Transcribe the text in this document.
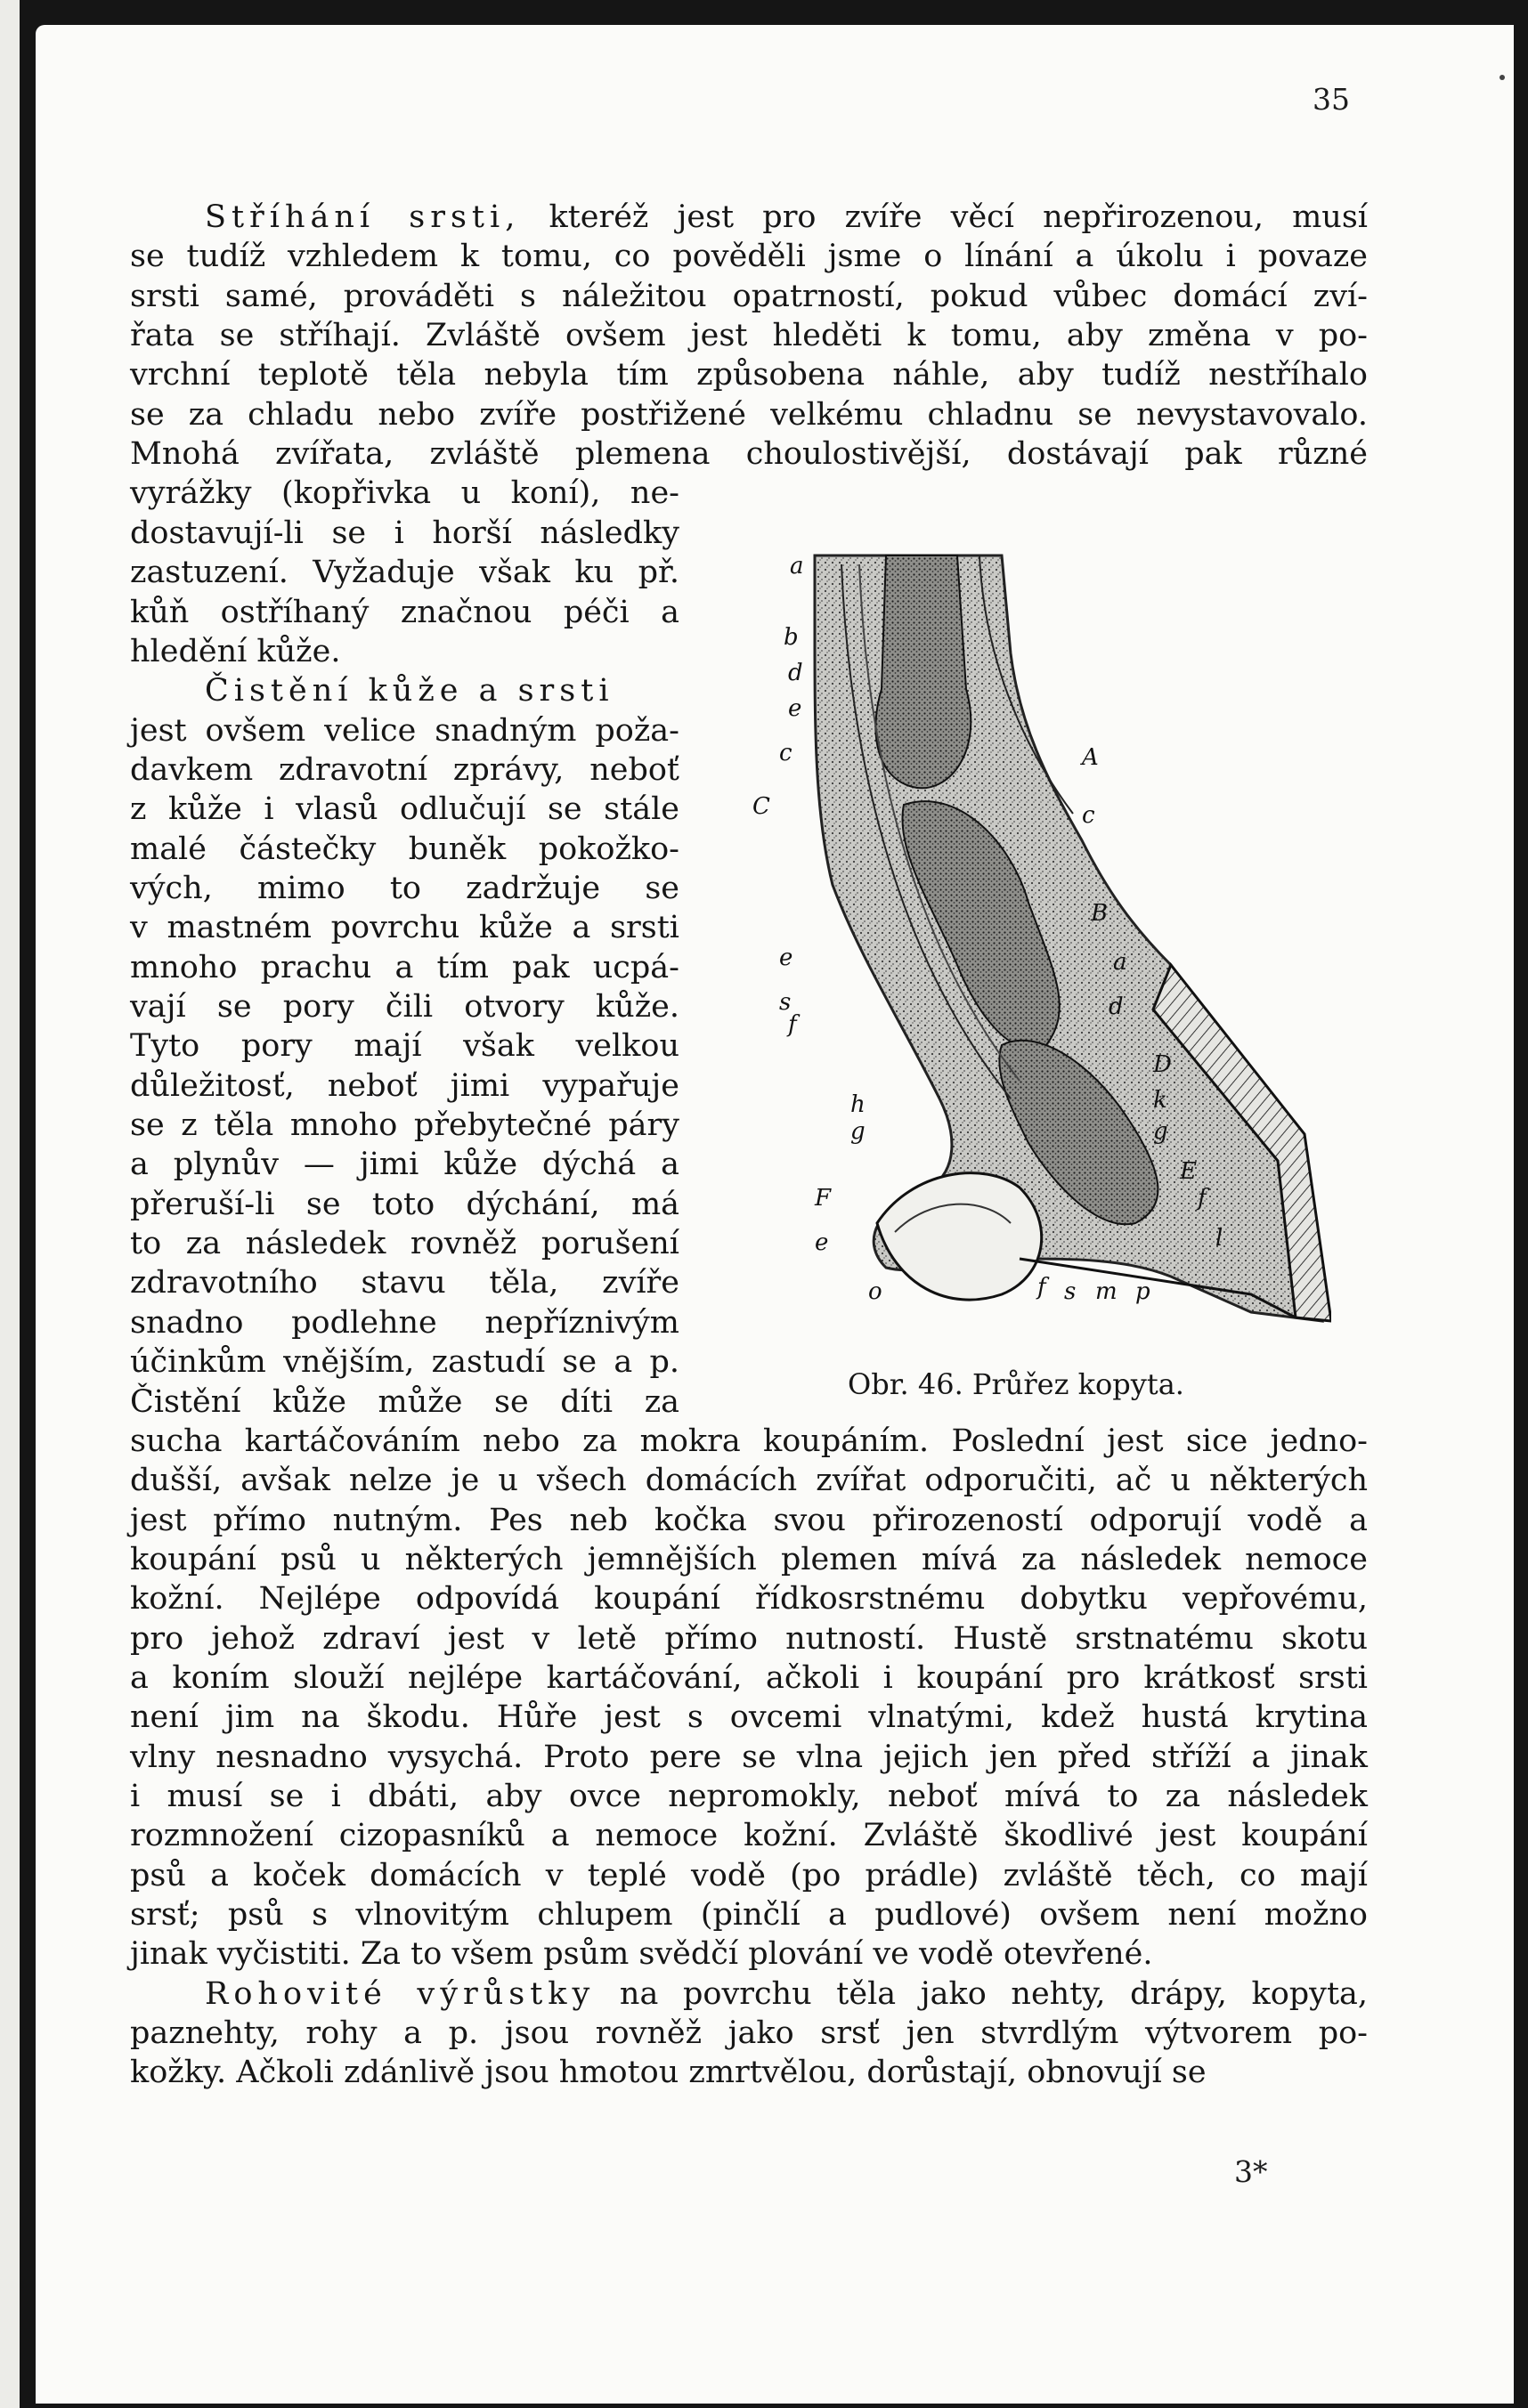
35
Stříhání srsti, kteréž jest pro zvíře věcí nepřirozenou, musí
se tudíž vzhledem k tomu, co pověděli jsme o línání a úkolu i povaze
srsti samé, prováděti s náležitou opatrností, pokud vůbec domácí zví-
řata se stříhají. Zvláště ovšem jest hleděti k tomu, aby změna v po-
vrchní teplotě těla nebyla tím způsobena náhle, aby tudíž nestříhalo
se za chladu nebo zvíře postřižené velkému chladnu se nevystavovalo.
Mnohá zvířata, zvláště plemena choulostivější, dostávají pak různé
vyrážky (kopřivka u koní), ne-
dostavují-li se i horší následky
zastuzení. Vyžaduje však ku př.
kůň ostříhaný značnou péči a
hledění kůže.
Čistění kůže a srsti
jest ovšem velice snadným poža-
davkem zdravotní zprávy, neboť
z kůže i vlasů odlučují se stále
malé částečky buněk pokožko-
vých, mimo to zadržuje se
v mastném povrchu kůže a srsti
mnoho prachu a tím pak ucpá-
vají se pory čili otvory kůže.
Tyto pory mají však velkou
důležitosť, neboť jimi vypařuje
se z těla mnoho přebytečné páry
a plynův — jimi kůže dýchá a
přeruší-li se toto dýchání, má
to za následek rovněž porušení
zdravotního stavu těla, zvíře
snadno podlehne nepříznivým
účinkům vnějším, zastudí se a p.
Čistění kůže může se díti za
sucha kartáčováním nebo za mokra koupáním. Poslední jest sice jedno-
dušší, avšak nelze je u všech domácích zvířat odporučiti, ač u některých
jest přímo nutným. Pes neb kočka svou přirozeností odporují vodě a
koupání psů u některých jemnějších plemen mívá za následek nemoce
kožní. Nejlépe odpovídá koupání řídkosrstnému dobytku vepřovému,
pro jehož zdraví jest v letě přímo nutností. Hustě srstnatému skotu
a koním slouží nejlépe kartáčování, ačkoli i koupání pro krátkosť srsti
není jim na škodu. Hůře jest s ovcemi vlnatými, kdež hustá krytina
vlny nesnadno vysychá. Proto pere se vlna jejich jen před stříží a jinak
i musí se i dbáti, aby ovce nepromokly, neboť mívá to za následek
rozmnožení cizopasníků a nemoce kožní. Zvláště škodlivé jest koupání
psů a koček domácích v teplé vodě (po prádle) zvláště těch, co mají
srsť; psů s vlnovitým chlupem (pinčlí a pudlové) ovšem není možno
jinak vyčistiti. Za to všem psům svědčí plování ve vodě otevřené.
Rohovité výrůstky na povrchu těla jako nehty, drápy, kopyta,
paznehty, rohy a p. jsou rovněž jako srsť jen stvrdlým výtvorem po-
kožky. Ačkoli zdánlivě jsou hmotou zmrtvělou, dorůstají, obnovují se
a
b
d
e
c
C
A
c
B
a
e
s	d
f
D
k
g
h
g
E
F
e
f
l
o	f s m p
Obr. 46. Průřez kopyta.
3*
